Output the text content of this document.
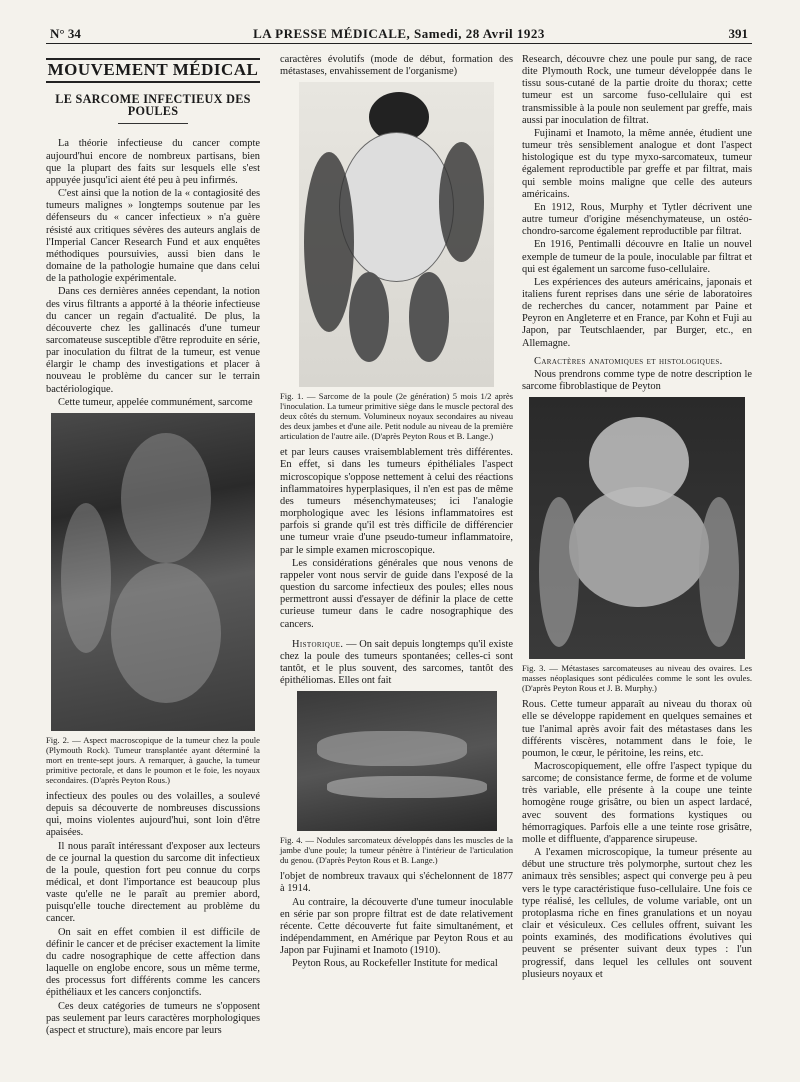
N° 34	LA PRESSE MÉDICALE, Samedi, 28 Avril 1923	391
MOUVEMENT MÉDICAL
LE SARCOME INFECTIEUX DES POULES

La théorie infectieuse du cancer compte aujourd'hui encore de nombreux partisans, bien que la plupart des faits sur lesquels elle s'est appuyée jusqu'ici aient été peu à peu infirmés.

C'est ainsi que la notion de la « contagiosité des tumeurs malignes » longtemps soutenue par les défenseurs du « cancer infectieux » n'a guère résisté aux critiques sévères des auteurs anglais de l'Imperial Cancer Research Fund et aux enquêtes méthodiques poursuivies, aussi bien dans le domaine de la pathologie humaine que dans celui de la pathologie expérimentale.

Dans ces dernières années cependant, la notion des virus filtrants a apporté à la théorie infectieuse du cancer un regain d'actualité. De plus, la découverte chez les gallinacés d'une tumeur sarcomateuse susceptible d'être reproduite en série, par inoculation du filtrat de la tumeur, est venue élargir le champ des investigations et placer à nouveau le problème du cancer sur le terrain bactériologique.

Cette tumeur, appelée communément, sarcome

Fig. 2. — Aspect macroscopique de la tumeur chez la poule (Plymouth Rock). Tumeur transplantée ayant déterminé la mort en trente-sept jours. A remarquer, à gauche, la tumeur primitive pectorale, et dans le poumon et le foie, les noyaux secondaires. (D'après Peyton Rous.)

infectieux des poules ou des volailles, a soulevé depuis sa découverte de nombreuses discussions qui, moins violentes aujourd'hui, sont loin d'être apaisées.

Il nous paraît intéressant d'exposer aux lecteurs de ce journal la question du sarcome dit infectieux de la poule, question fort peu connue du corps médical, et dont l'importance est beaucoup plus vaste qu'elle ne le paraît au premier abord, puisqu'elle touche directement au problème du cancer.

On sait en effet combien il est difficile de définir le cancer et de préciser exactement la limite du cadre nosographique de cette affection dans laquelle on englobe encore, sous un même terme, des processus fort différents comme les cancers épithéliaux et les cancers conjonctifs.

Ces deux catégories de tumeurs ne s'opposent pas seulement par leurs caractères morphologiques (aspect et structure), mais encore par leurs

caractères évolutifs (mode de début, formation des métastases, envahissement de l'organisme)

Fig. 1. — Sarcome de la poule (2e génération) 5 mois 1/2 après l'inoculation. La tumeur primitive siège dans le muscle pectoral des deux côtés du sternum. Volumineux noyaux secondaires au niveau des deux jambes et d'une aile. Petit nodule au niveau de la première articulation de l'autre aile. (D'après Peyton Rous et B. Lange.)

et par leurs causes vraisemblablement très différentes. En effet, si dans les tumeurs épithéliales l'aspect microscopique s'oppose nettement à celui des réactions inflammatoires hyperplasiques, il n'en est pas de même des tumeurs mésenchymateuses; ici l'analogie morphologique avec les lésions inflammatoires est parfois si grande qu'il est très difficile de différencier une tumeur vraie d'une pseudo-tumeur inflammatoire, par le simple examen microscopique.

Les considérations générales que nous venons de rappeler vont nous servir de guide dans l'exposé de la question du sarcome infectieux des poules; elles nous permettront aussi d'essayer de définir la place de cette curieuse tumeur dans le cadre nosographique des cancers.

Historique. — On sait depuis longtemps qu'il existe chez la poule des tumeurs spontanées; celles-ci sont tantôt, et le plus souvent, des sarcomes, tantôt des épithéliomas. Elles ont fait

Fig. 4. — Nodules sarcomateux développés dans les muscles de la jambe d'une poule; la tumeur pénètre à l'intérieur de l'articulation du genou. (D'après Peyton Rous et B. Lange.)

l'objet de nombreux travaux qui s'échelonnent de 1877 à 1914.

Au contraire, la découverte d'une tumeur inoculable en série par son propre filtrat est de date relativement récente. Cette découverte fut faite simultanément, et indépendamment, en Amérique par Peyton Rous et au Japon par Fujinami et Inamoto (1910).

Peyton Rous, au Rockefeller Institute for medical

Research, découvre chez une poule pur sang, de race dite Plymouth Rock, une tumeur développée dans le tissu sous-cutané de la partie droite du thorax; cette tumeur est un sarcome fuso-cellulaire qui est transmissible à la poule non seulement par greffe, mais aussi par inoculation de filtrat.

Fujinami et Inamoto, la même année, étudient une tumeur très sensiblement analogue et dont l'aspect histologique est du type myxo-sarcomateux, tumeur également reproductible par greffe et par filtrat, mais qui semble moins maligne que celle des auteurs américains.

En 1912, Rous, Murphy et Tytler décrivent une autre tumeur d'origine mésenchymateuse, un ostéo-chondro-sarcome également reproductible par filtrat.

En 1916, Pentimalli découvre en Italie un nouvel exemple de tumeur de la poule, inoculable par filtrat et qui est également un sarcome fuso-cellulaire.

Les expériences des auteurs américains, japonais et italiens furent reprises dans une série de laboratoires de recherches du cancer, notamment par Paine et Peyron en Angleterre et en France, par Kohn et Fuji au Japon, par Teutschlaender, par Burger, etc., en Allemagne.

Caractères anatomiques et histologiques.

Nous prendrons comme type de notre description le sarcome fibroblastique de Peyton

Fig. 3. — Métastases sarcomateuses au niveau des ovaires. Les masses néoplasiques sont pédiculées comme le sont les ovules. (D'après Peyton Rous et J. B. Murphy.)

Rous. Cette tumeur apparaît au niveau du thorax où elle se développe rapidement en quelques semaines et tue l'animal après avoir fait des métastases dans les différents viscères, notamment dans le foie, le poumon, le cœur, le péritoine, les reins, etc.

Macroscopiquement, elle offre l'aspect typique du sarcome; de consistance ferme, de forme et de volume très variable, elle présente à la coupe une teinte homogène rouge grisâtre, ou bien un aspect lardacé, avec souvent des formations kystiques ou hémorragiques. Parfois elle a une teinte rose grisâtre, molle et diffluente, d'apparence sirupeuse.

A l'examen microscopique, la tumeur présente au début une structure très polymorphe, surtout chez les animaux très sensibles; aspect qui converge peu à peu vers le type caractéristique fuso-cellulaire. Une fois ce type réalisé, les cellules, de volume variable, ont un protoplasma riche en fines granulations et un noyau clair et vésiculeux. Ces cellules offrent, suivant les points examinés, des modifications évolutives qui peuvent se présenter suivant deux types : l'un progressif, dans lequel les cellules ont souvent plusieurs noyaux et
